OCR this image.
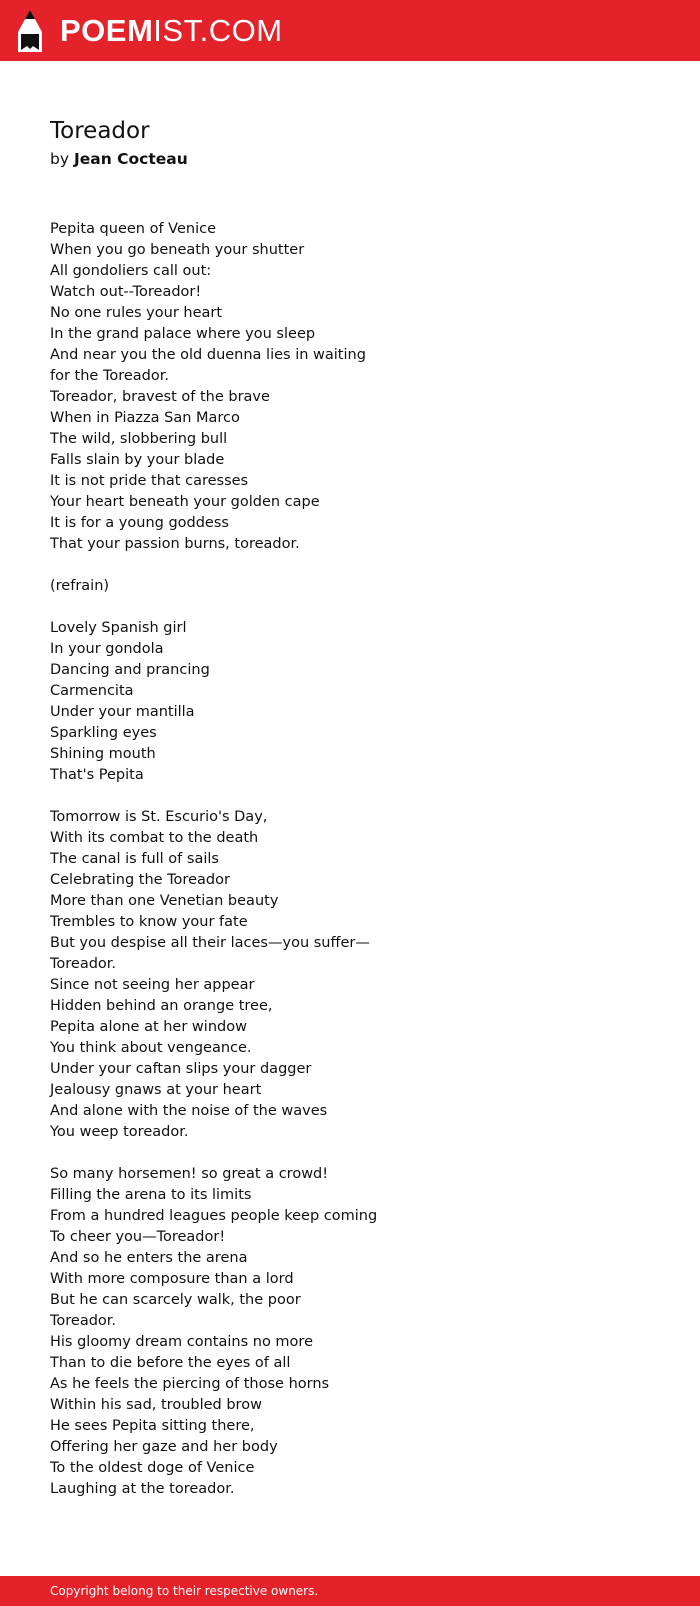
POEMIST.COM
Toreador

by Jean Cocteau

Pepita queen of Venice
When you go beneath your shutter
All gondoliers call out:
Watch out--Toreador!
No one rules your heart
In the grand palace where you sleep
And near you the old duenna lies in waiting
for the Toreador.
Toreador, bravest of the brave
When in Piazza San Marco
The wild, slobbering bull
Falls slain by your blade
It is not pride that caresses
Your heart beneath your golden cape
It is for a young goddess
That your passion burns, toreador.
(refrain)
Lovely Spanish girl
In your gondola
Dancing and prancing
Carmencita
Under your mantilla
Sparkling eyes
Shining mouth
That's Pepita
Tomorrow is St. Escurio's Day,
With its combat to the death
The canal is full of sails
Celebrating the Toreador
More than one Venetian beauty
Trembles to know your fate
But you despise all their laces—you suffer—
Toreador.
Since not seeing her appear
Hidden behind an orange tree,
Pepita alone at her window
You think about vengeance.
Under your caftan slips your dagger
Jealousy gnaws at your heart
And alone with the noise of the waves
You weep toreador.
So many horsemen! so great a crowd!
Filling the arena to its limits
From a hundred leagues people keep coming
To cheer you—Toreador!
And so he enters the arena
With more composure than a lord
But he can scarcely walk, the poor
Toreador.
His gloomy dream contains no more
Than to die before the eyes of all
As he feels the piercing of those horns
Within his sad, troubled brow
He sees Pepita sitting there,
Offering her gaze and her body
To the oldest doge of Venice
Laughing at the toreador.
Copyright belong to their respective owners.
